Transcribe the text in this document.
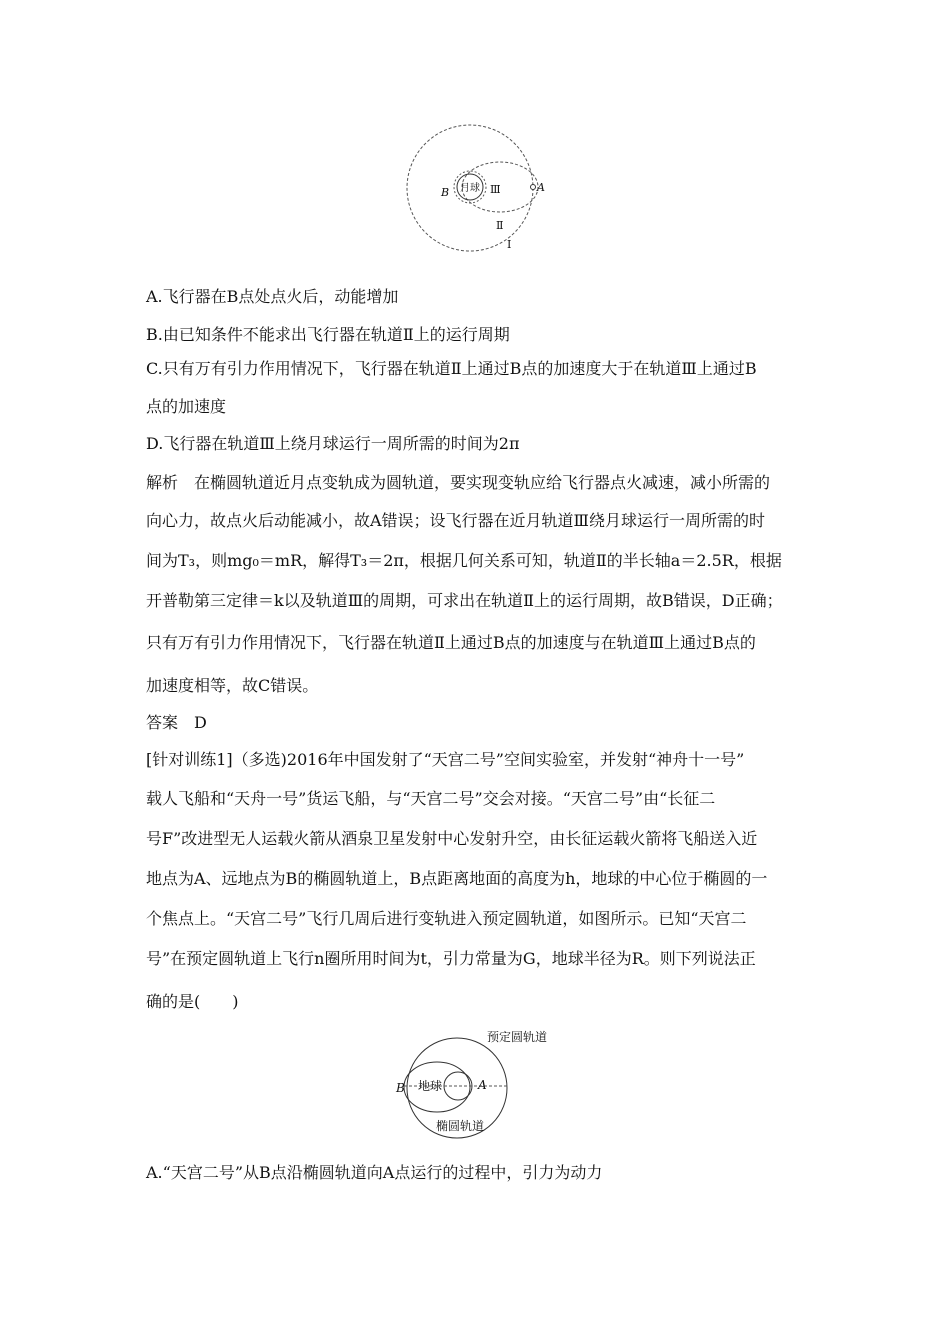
B 月球 Ⅲ	A
Ⅱ
Ⅰ
A.飞行器在B点处点火后，动能增加
B.由已知条件不能求出飞行器在轨道Ⅱ上的运行周期
C.只有万有引力作用情况下，飞行器在轨道Ⅱ上通过B点的加速度大于在轨道Ⅲ上通过B
点的加速度
D.飞行器在轨道Ⅲ上绕月球运行一周所需的时间为2π
解析　在椭圆轨道近月点变轨成为圆轨道，要实现变轨应给飞行器点火减速，减小所需的
向心力，故点火后动能减小，故A错误；设飞行器在近月轨道Ⅲ绕月球运行一周所需的时
间为T₃，则mg₀＝mR，解得T₃＝2π，根据几何关系可知，轨道Ⅱ的半长轴a＝2.5R，根据
开普勒第三定律＝k以及轨道Ⅲ的周期，可求出在轨道Ⅱ上的运行周期，故B错误，D正确；
只有万有引力作用情况下，飞行器在轨道Ⅱ上通过B点的加速度与在轨道Ⅲ上通过B点的
加速度相等，故C错误。
答案　D
[针对训练1]（多选)2016年中国发射了“天宫二号”空间实验室，并发射“神舟十一号”
载人飞船和“天舟一号”货运飞船，与“天宫二号”交会对接。“天宫二号”由“长征二
号F”改进型无人运载火箭从酒泉卫星发射中心发射升空，由长征运载火箭将飞船送入近
地点为A、远地点为B的椭圆轨道上，B点距离地面的高度为h，地球的中心位于椭圆的一
个焦点上。“天宫二号”飞行几周后进行变轨进入预定圆轨道，如图所示。已知“天宫二
号”在预定圆轨道上飞行n圈所用时间为t，引力常量为G，地球半径为R。则下列说法正
确的是(　　)
预定圆轨道
B 地球	A
椭圆轨道
A.“天宫二号”从B点沿椭圆轨道向A点运行的过程中，引力为动力
